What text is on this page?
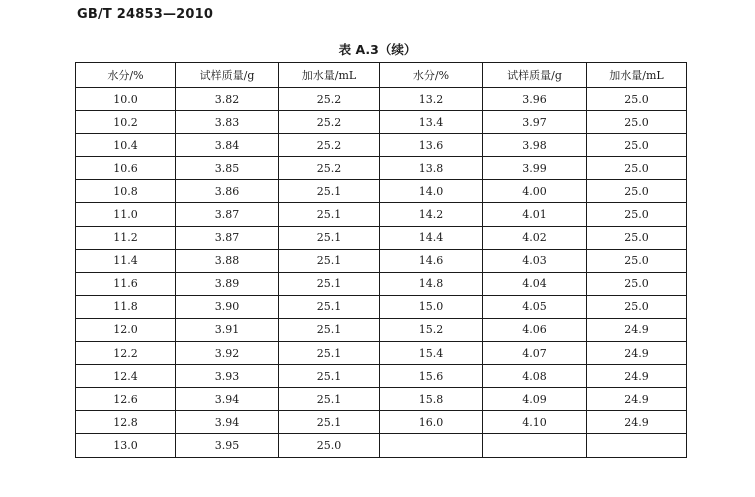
GB/T 24853—2010
表 A.3（续）
水分/%	试样质量/g	加水量/mL	水分/%	试样质量/g	加水量/mL
10.0	3.82	25.2	13.2	3.96	25.0
10.2	3.83	25.2	13.4	3.97	25.0
10.4	3.84	25.2	13.6	3.98	25.0
10.6	3.85	25.2	13.8	3.99	25.0
10.8	3.86	25.1	14.0	4.00	25.0
11.0	3.87	25.1	14.2	4.01	25.0
11.2	3.87	25.1	14.4	4.02	25.0
11.4	3.88	25.1	14.6	4.03	25.0
11.6	3.89	25.1	14.8	4.04	25.0
11.8	3.90	25.1	15.0	4.05	25.0
12.0	3.91	25.1	15.2	4.06	24.9
12.2	3.92	25.1	15.4	4.07	24.9
12.4	3.93	25.1	15.6	4.08	24.9
12.6	3.94	25.1	15.8	4.09	24.9
12.8	3.94	25.1	16.0	4.10	24.9
13.0	3.95	25.0			
